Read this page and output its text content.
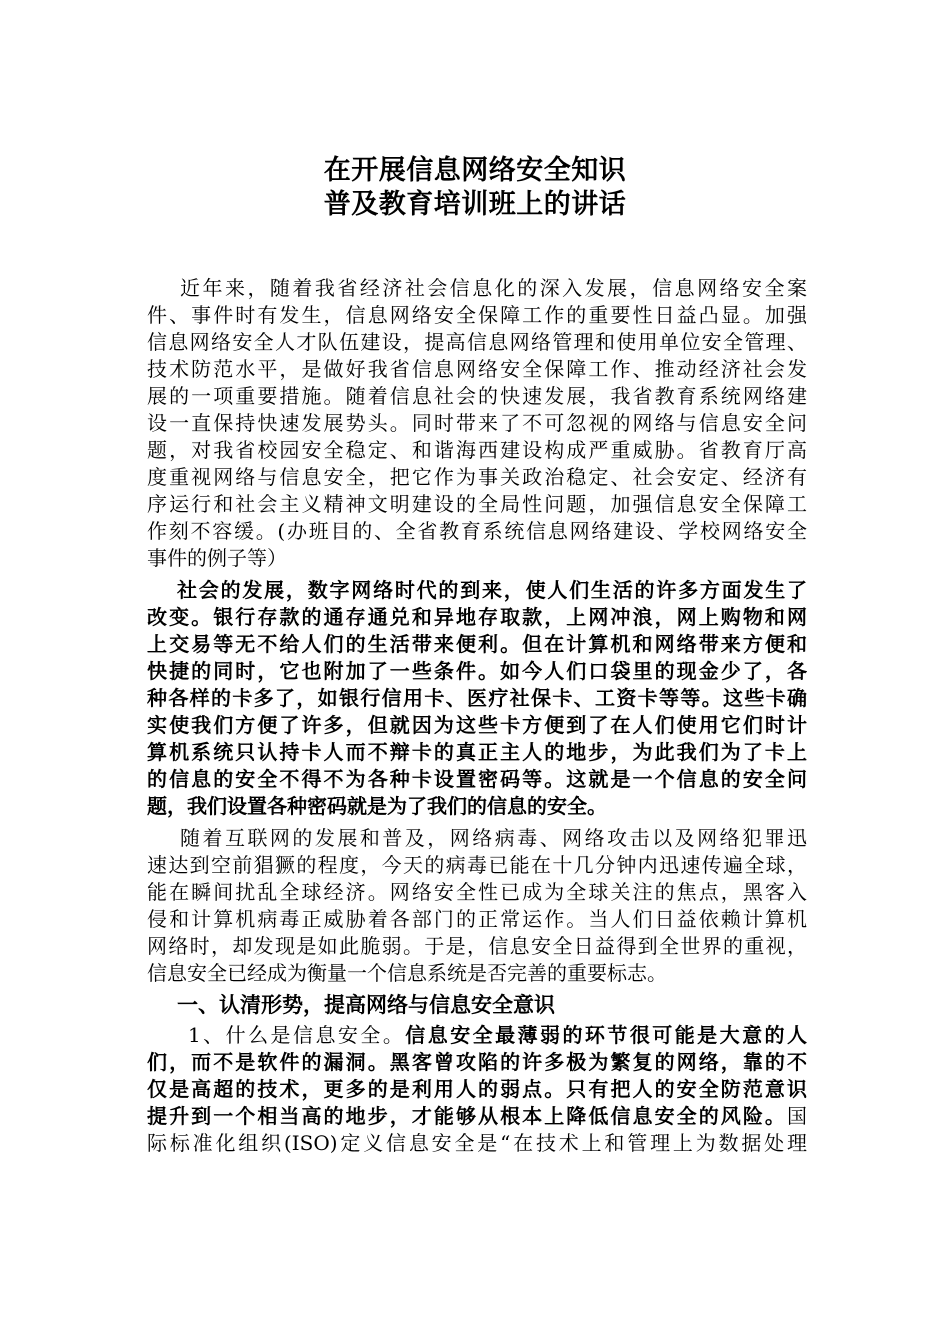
在开展信息网络安全知识
普及教育培训班上的讲话
近年来，随着我省经济社会信息化的深入发展，信息网络安全案
件、事件时有发生，信息网络安全保障工作的重要性日益凸显。加强
信息网络安全人才队伍建设，提高信息网络管理和使用单位安全管理、
技术防范水平，是做好我省信息网络安全保障工作、推动经济社会发
展的一项重要措施。随着信息社会的快速发展，我省教育系统网络建
设一直保持快速发展势头。同时带来了不可忽视的网络与信息安全问
题，对我省校园安全稳定、和谐海西建设构成严重威胁。省教育厅高
度重视网络与信息安全，把它作为事关政治稳定、社会安定、经济有
序运行和社会主义精神文明建设的全局性问题，加强信息安全保障工
作刻不容缓。(办班目的、全省教育系统信息网络建设、学校网络安全
事件的例子等）
社会的发展，数字网络时代的到来，使人们生活的许多方面发生了
改变。银行存款的通存通兑和异地存取款，上网冲浪，网上购物和网
上交易等无不给人们的生活带来便利。但在计算机和网络带来方便和
快捷的同时，它也附加了一些条件。如今人们口袋里的现金少了，各
种各样的卡多了，如银行信用卡、医疗社保卡、工资卡等等。这些卡确
实使我们方便了许多，但就因为这些卡方便到了在人们使用它们时计
算机系统只认持卡人而不辩卡的真正主人的地步，为此我们为了卡上
的信息的安全不得不为各种卡设置密码等。这就是一个信息的安全问
题，我们设置各种密码就是为了我们的信息的安全。
随着互联网的发展和普及，网络病毒、网络攻击以及网络犯罪迅
速达到空前猖獗的程度，今天的病毒已能在十几分钟内迅速传遍全球，
能在瞬间扰乱全球经济。网络安全性已成为全球关注的焦点，黑客入
侵和计算机病毒正威胁着各部门的正常运作。当人们日益依赖计算机
网络时，却发现是如此脆弱。于是，信息安全日益得到全世界的重视，
信息安全已经成为衡量一个信息系统是否完善的重要标志。
一、认清形势，提高网络与信息安全意识
1、什么是信息安全。信息安全最薄弱的环节很可能是大意的人
们，而不是软件的漏洞。黑客曾攻陷的许多极为繁复的网络，靠的不
仅是高超的技术，更多的是利用人的弱点。只有把人的安全防范意识
提升到一个相当高的地步，才能够从根本上降低信息安全的风险。国
际标准化组织(ISO)定义信息安全是“在技术上和管理上为数据处理
